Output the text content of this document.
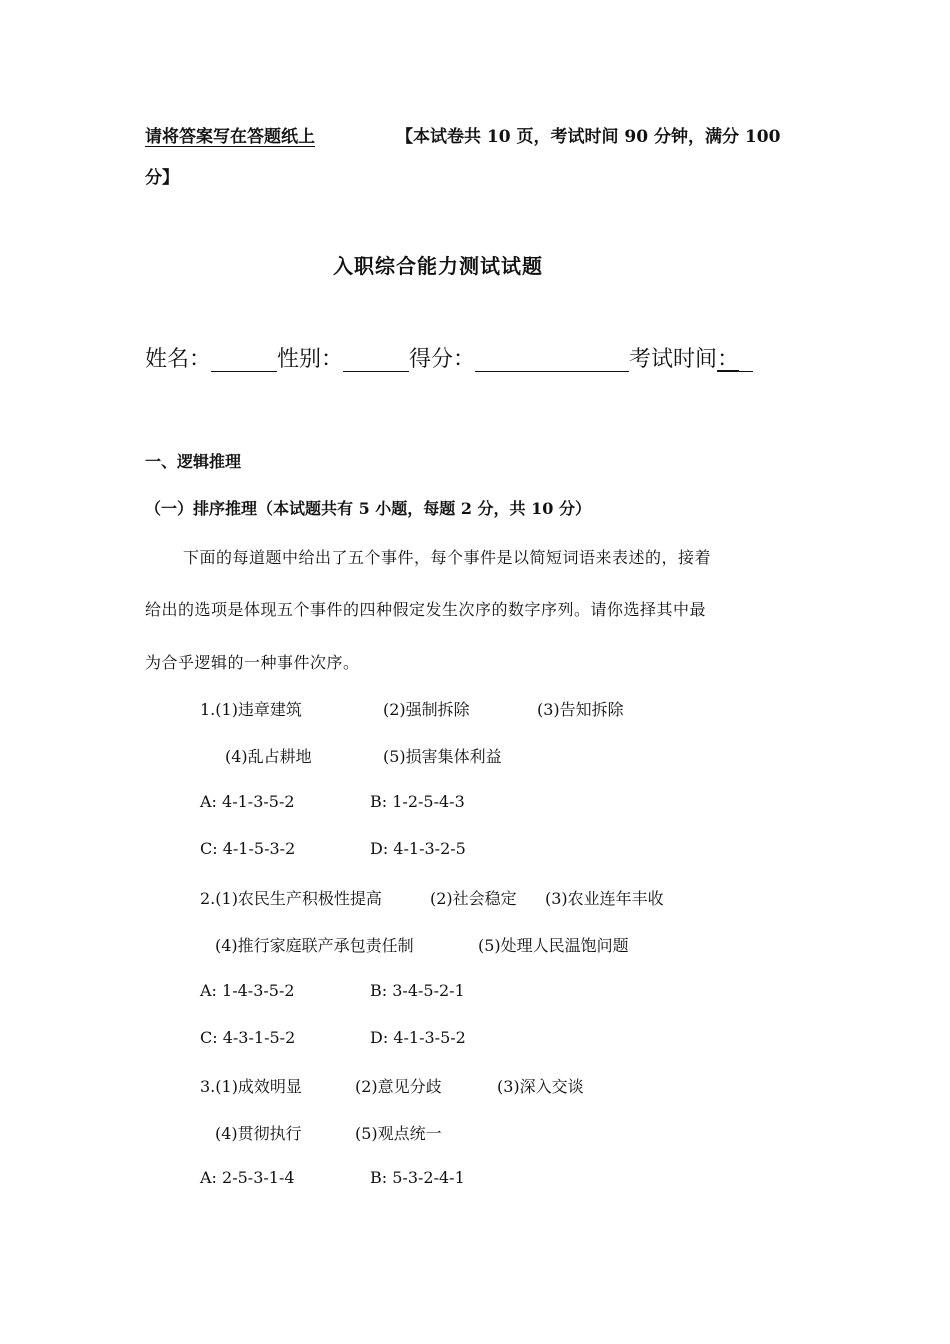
请将答案写在答题纸上	【本试卷共 10 页，考试时间 90 分钟，满分 100
分】
入职综合能力测试试题
姓名：	性别：	得分：	考试时间：
一、逻辑推理
（一）排序推理（本试题共有 5 小题，每题 2 分，共 10 分）
下面的每道题中给出了五个事件，每个事件是以简短词语来表述的，接着
给出的选项是体现五个事件的四种假定发生次序的数字序列。请你选择其中最
为合乎逻辑的一种事件次序。
1.(1)违章建筑	(2)强制拆除	(3)告知拆除
(4)乱占耕地	(5)损害集体利益
A: 4-1-3-5-2	B: 1-2-5-4-3
C: 4-1-5-3-2	D: 4-1-3-2-5
2.(1)农民生产积极性提高	(2)社会稳定 (3)农业连年丰收
(4)推行家庭联产承包责任制	(5)处理人民温饱问题
A: 1-4-3-5-2	B: 3-4-5-2-1
C: 4-3-1-5-2	D: 4-1-3-5-2
3.(1)成效明显	(2)意见分歧	(3)深入交谈
(4)贯彻执行	(5)观点统一
A: 2-5-3-1-4	B: 5-3-2-4-1
